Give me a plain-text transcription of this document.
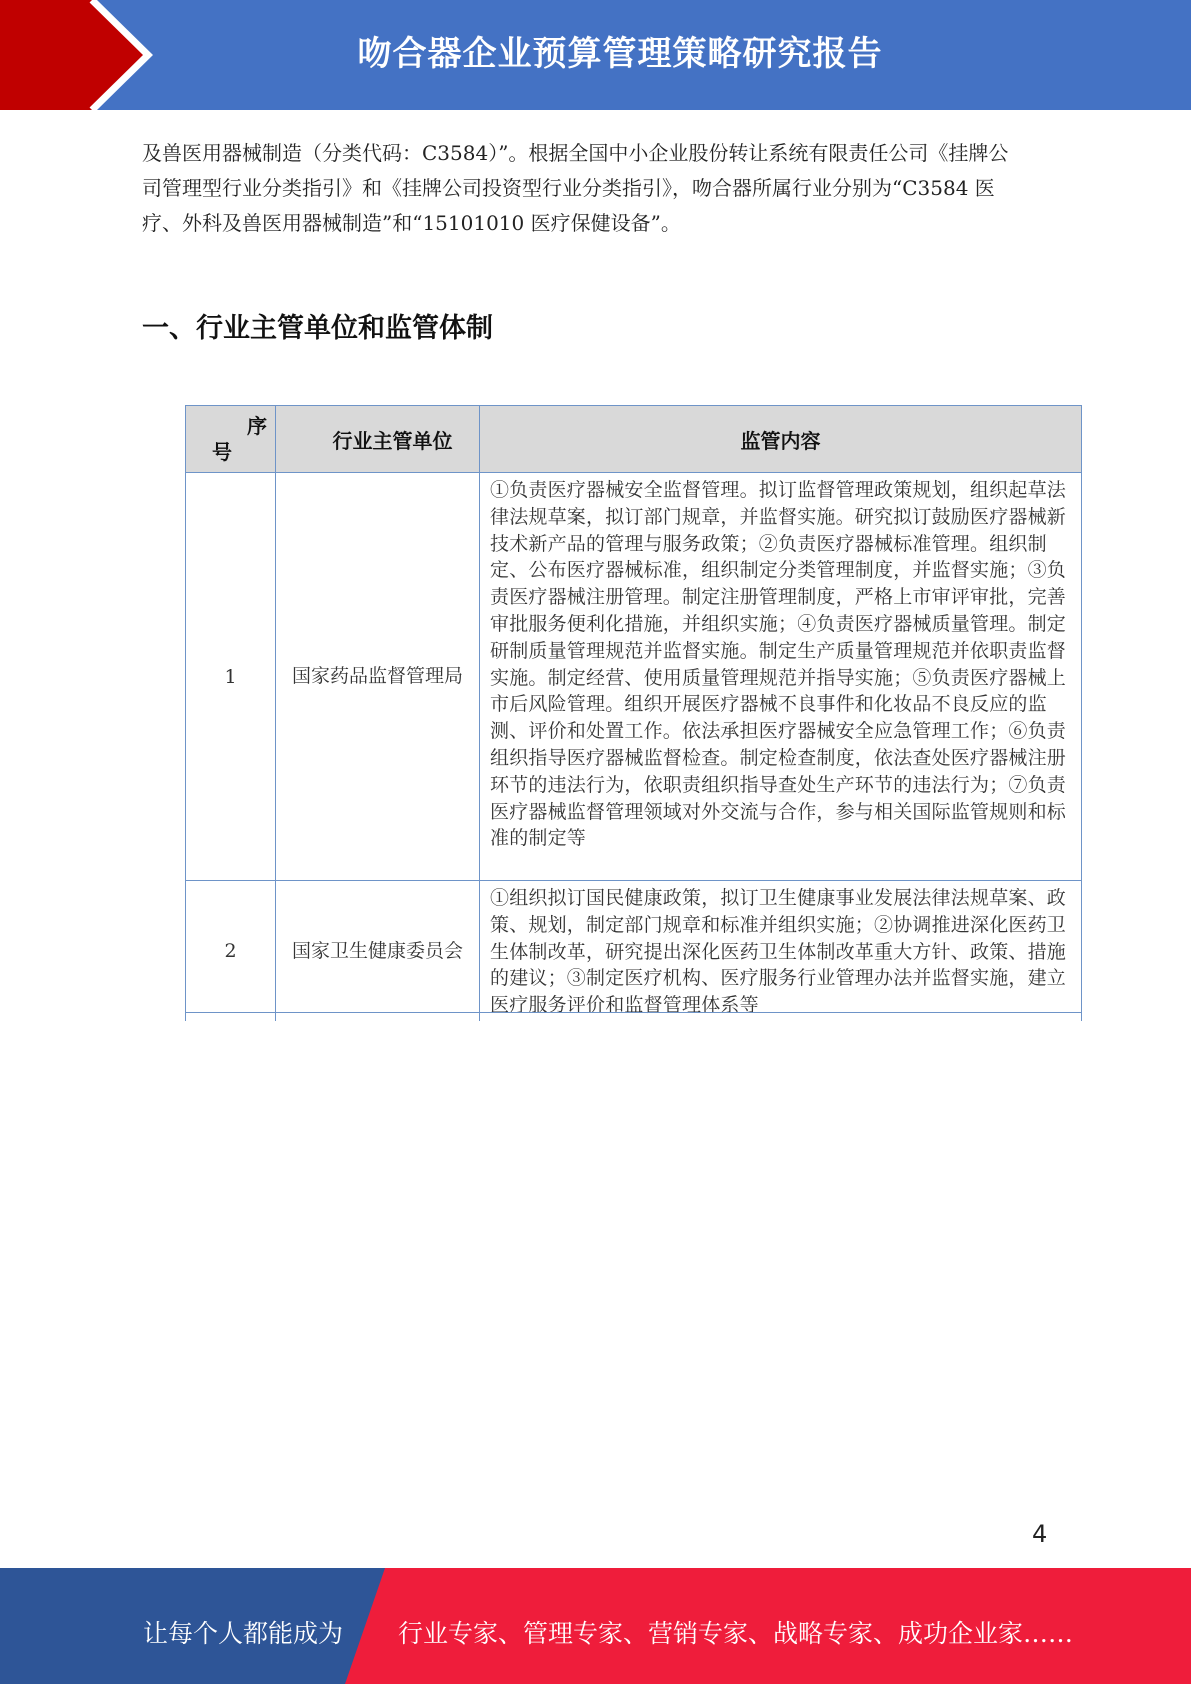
吻合器企业预算管理策略研究报告

及兽医用器械制造（分类代码：C3584）”。根据全国中小企业股份转让系统有限责任公司《挂牌公

司管理型行业分类指引》和《挂牌公司投资型行业分类指引》，吻合器所属行业分别为“C3584 医

疗、外科及兽医用器械制造”和“15101010 医疗保健设备”。

一、行业主管单位和监管体制
序
号	行业主管单位	监管内容
1	国家药品监督管理局	①负责医疗器械安全监督管理。拟订监督管理政策规划，组织起草法律法规草案，拟订部门规章，并监督实施。研究拟订鼓励医疗器械新技术新产品的管理与服务政策；②负责医疗器械标准管理。组织制定、公布医疗器械标准，组织制定分类管理制度，并监督实施；③负责医疗器械注册管理。制定注册管理制度，严格上市审评审批，完善审批服务便利化措施，并组织实施；④负责医疗器械质量管理。制定研制质量管理规范并监督实施。制定生产质量管理规范并依职责监督实施。制定经营、使用质量管理规范并指导实施；⑤负责医疗器械上市后风险管理。组织开展医疗器械不良事件和化妆品不良反应的监测、评价和处置工作。依法承担医疗器械安全应急管理工作；⑥负责组织指导医疗器械监督检查。制定检查制度，依法查处医疗器械注册环节的违法行为，依职责组织指导查处生产环节的违法行为；⑦负责医疗器械监督管理领域对外交流与合作，参与相关国际监管规则和标准的制定等
2	国家卫生健康委员会	①组织拟订国民健康政策，拟订卫生健康事业发展法律法规草案、政策、规划，制定部门规章和标准并组织实施；②协调推进深化医药卫生体制改革，研究提出深化医药卫生体制改革重大方针、政策、措施的建议；③制定医疗机构、医疗服务行业管理办法并监督实施，建立医疗服务评价和监督管理体系等
4
让每个人都能成为 行业专家、管理专家、营销专家、战略专家、成功企业家……
